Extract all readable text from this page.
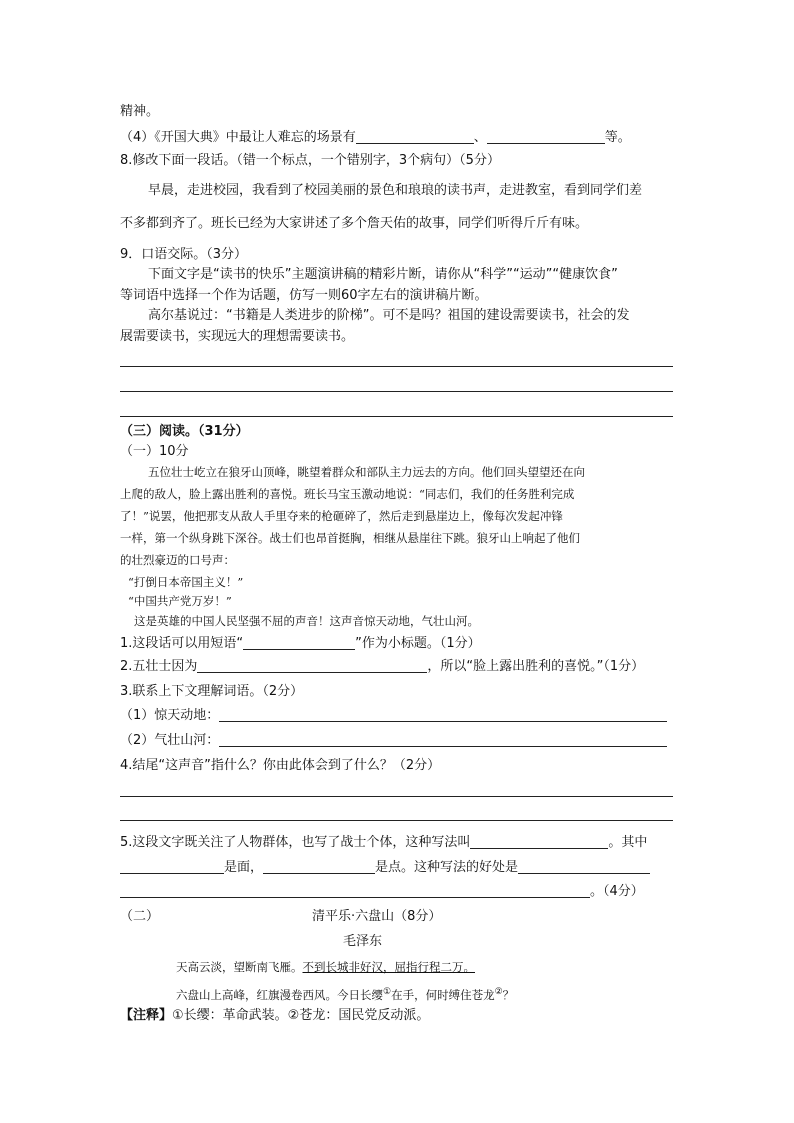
精神。
（4）《开国大典》中最让人难忘的场景有	、	等。
8.修改下面一段话。（错一个标点，一个错别字，3个病句）（5分）
早晨，走进校园，我看到了校园美丽的景色和琅琅的读书声，走进教室，看到同学们差
不多都到齐了。班长已经为大家讲述了多个詹天佑的故事，同学们听得斤斤有味。
9．口语交际。（3分）
下面文字是“读书的快乐”主题演讲稿的精彩片断，请你从“科学”“运动”“健康饮食”
等词语中选择一个作为话题，仿写一则60字左右的演讲稿片断。
高尔基说过：“书籍是人类进步的阶梯”。可不是吗？祖国的建设需要读书，社会的发
展需要读书，实现远大的理想需要读书。
（三）阅读。（31分）
（一）10分
五位壮士屹立在狼牙山顶峰，眺望着群众和部队主力远去的方向。他们回头望望还在向
上爬的敌人，脸上露出胜利的喜悦。班长马宝玉激动地说：“同志们，我们的任务胜利完成
了！”说罢，他把那支从敌人手里夺来的枪砸碎了，然后走到悬崖边上，像每次发起冲锋
一样，第一个纵身跳下深谷。战士们也昂首挺胸，相继从悬崖往下跳。狼牙山上响起了他们
的壮烈豪迈的口号声：
“打倒日本帝国主义！”
“中国共产党万岁！”
这是英雄的中国人民坚强不屈的声音！这声音惊天动地，气壮山河。
1.这段话可以用短语“	”作为小标题。（1分）
2.五壮士因为	，所以“脸上露出胜利的喜悦。”（1分）
3.联系上下文理解词语。（2分）
（1）惊天动地：
（2）气壮山河：
4.结尾“这声音”指什么？你由此体会到了什么？（2分）
5.这段文字既关注了人物群体，也写了战士个体，这种写法叫	。其中
是面，	是点。这种写法的好处是
。（4分）
（二）	清平乐·六盘山（8分）
毛泽东
天高云淡，望断南飞雁。不到长城非好汉，屈指行程二万。
六盘山上高峰，红旗漫卷西风。今日长缨①在手，何时缚住苍龙②？
【注释】①长缨：革命武装。②苍龙：国民党反动派。
